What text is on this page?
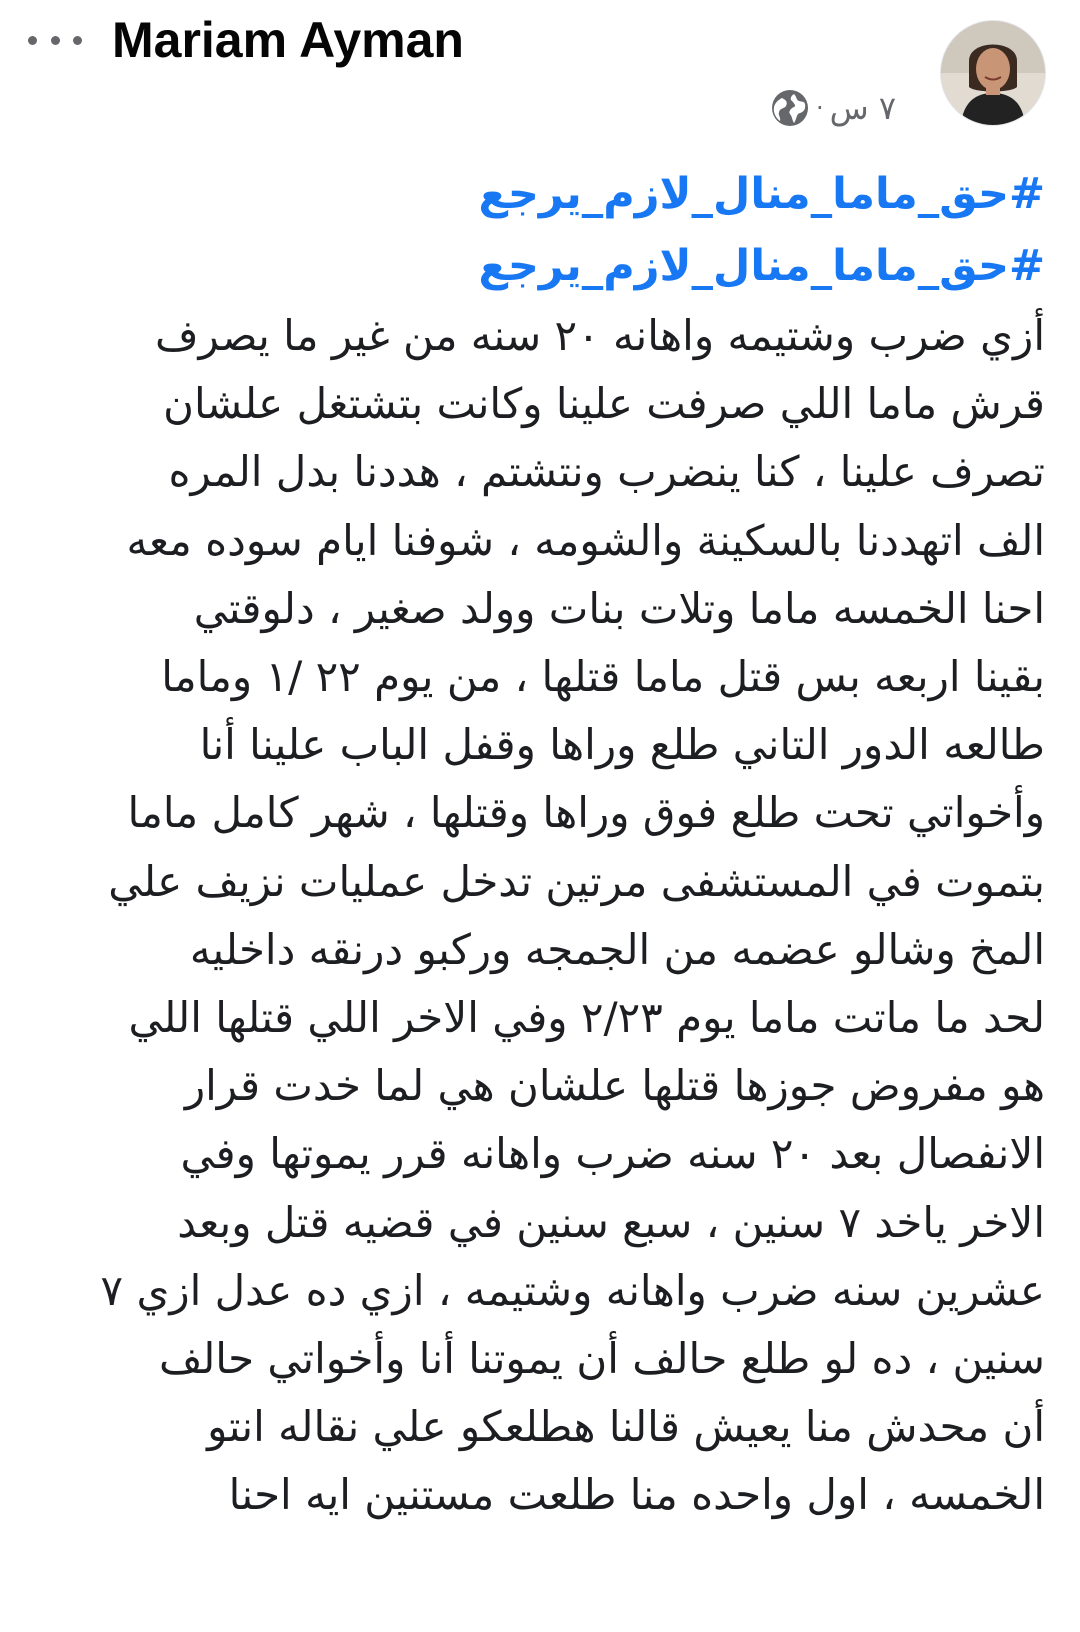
Mariam Ayman
· ٧ س
#حق_ماما_منال_لازم_يرجع
#حق_ماما_منال_لازم_يرجع
أزي ضرب وشتيمه واهانه ٢٠ سنه من غير ما يصرف
قرش ماما اللي صرفت علينا وكانت بتشتغل علشان
تصرف علينا ، كنا ينضرب ونتشتم ، هددنا بدل المره
الف اتهددنا بالسكينة والشومه ، شوفنا ايام سوده معه
احنا الخمسه ماما وتلات بنات وولد صغير ، دلوقتي
بقينا اربعه بس قتل ماما قتلها ، من يوم ٢٢ /١ وماما
طالعه الدور التاني طلع وراها وقفل الباب علينا أنا
وأخواتي تحت طلع فوق وراها وقتلها ، شهر كامل ماما
بتموت في المستشفى مرتين تدخل عمليات نزيف علي
المخ وشالو عضمه من الجمجه وركبو درنقه داخليه
لحد ما ماتت ماما يوم ٢/٢٣ وفي الاخر اللي قتلها اللي
هو مفروض جوزها قتلها علشان هي لما خدت قرار
الانفصال بعد ٢٠ سنه ضرب واهانه قرر يموتها وفي
الاخر ياخد ٧ سنين ، سبع سنين في قضيه قتل وبعد
عشرين سنه ضرب واهانه وشتيمه ، ازي ده عدل ازي ٧
سنين ، ده لو طلع حالف أن يموتنا أنا وأخواتي حالف
أن محدش منا يعيش قالنا هطلعكو علي نقاله انتو
الخمسه ، اول واحده منا طلعت مستنين ايه احنا
